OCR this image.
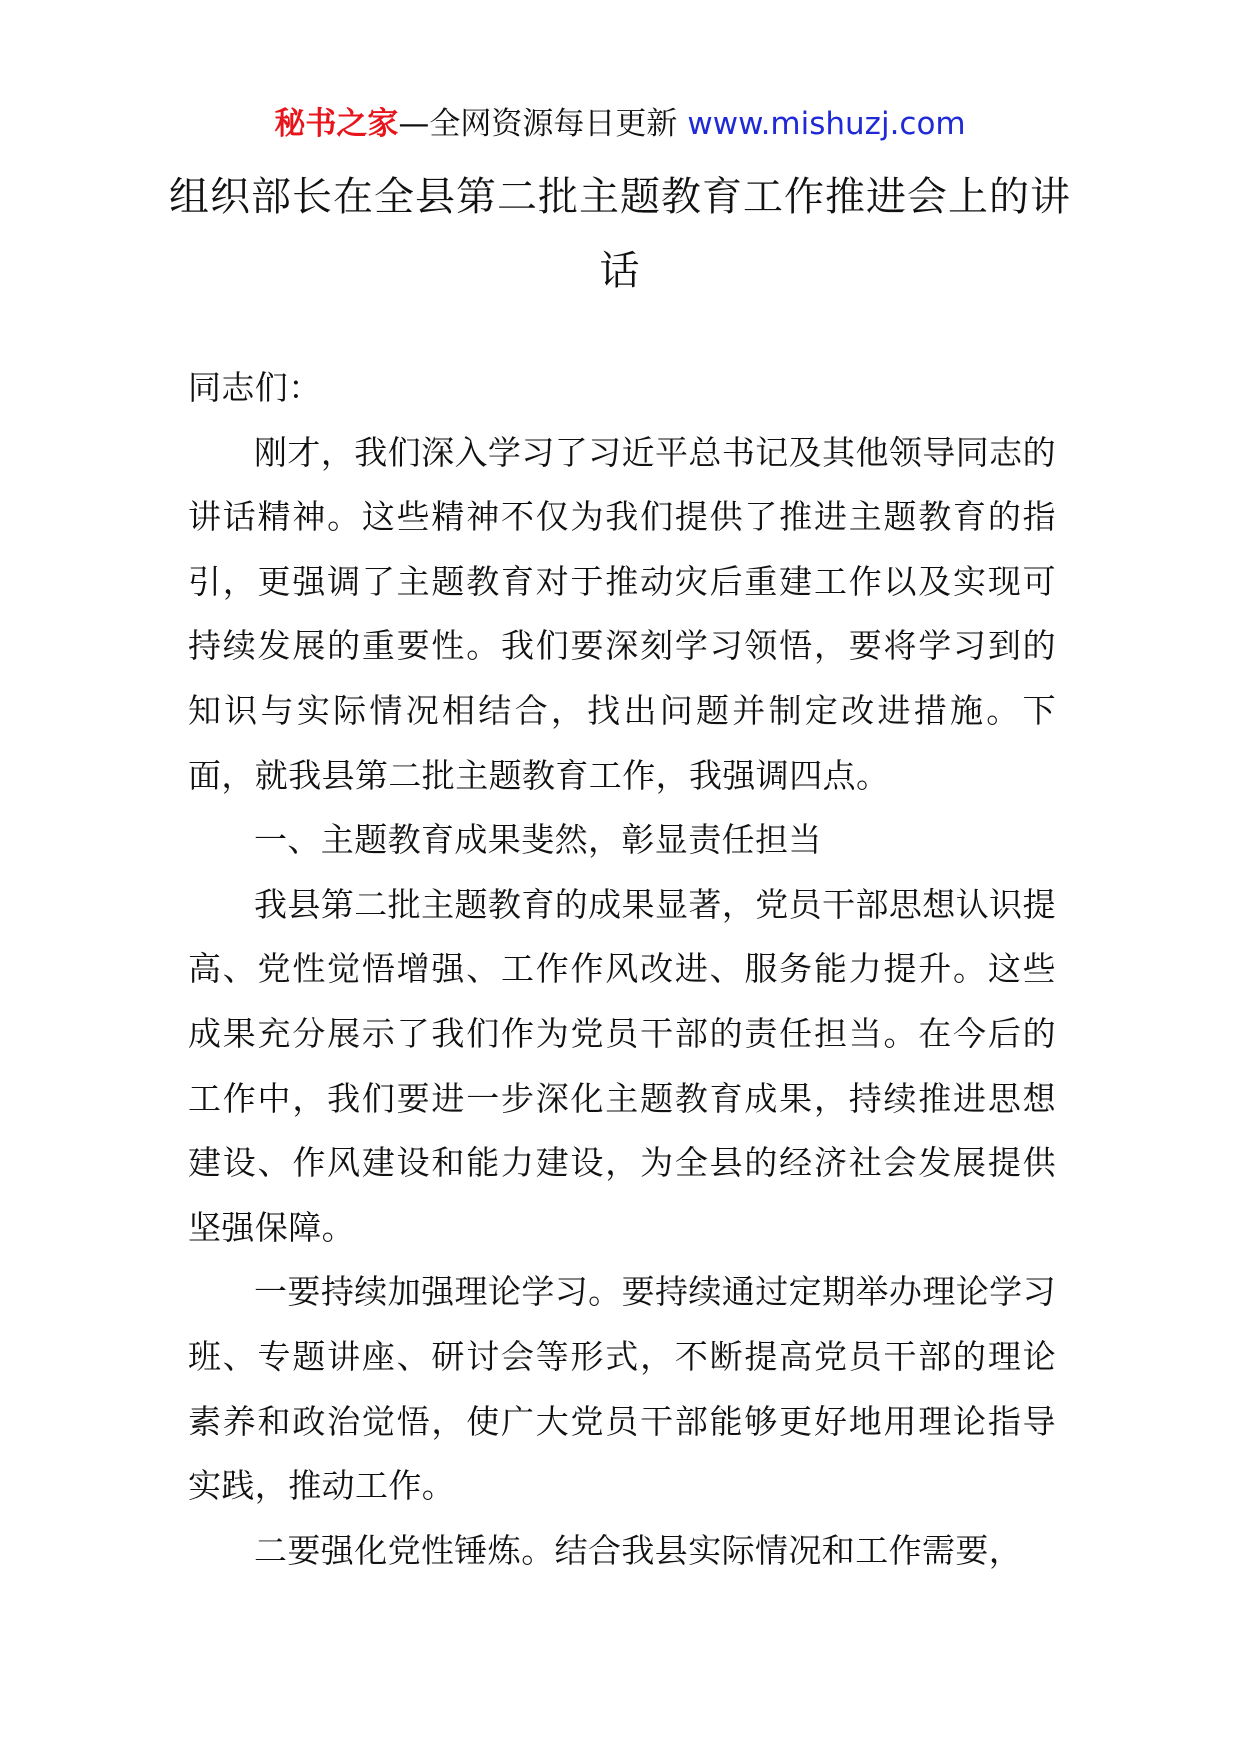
秘书之家—全网资源每日更新 www.mishuzj.com
组织部长在全县第二批主题教育工作推进会上的讲话

同志们：

刚才，我们深入学习了习近平总书记及其他领导同志的讲话精神。这些精神不仅为我们提供了推进主题教育的指引，更强调了主题教育对于推动灾后重建工作以及实现可持续发展的重要性。我们要深刻学习领悟，要将学习到的知识与实际情况相结合，找出问题并制定改进措施。下面，就我县第二批主题教育工作，我强调四点。

一、主题教育成果斐然，彰显责任担当

我县第二批主题教育的成果显著，党员干部思想认识提高、党性觉悟增强、工作作风改进、服务能力提升。这些成果充分展示了我们作为党员干部的责任担当。在今后的工作中，我们要进一步深化主题教育成果，持续推进思想建设、作风建设和能力建设，为全县的经济社会发展提供坚强保障。

一要持续加强理论学习。要持续通过定期举办理论学习班、专题讲座、研讨会等形式，不断提高党员干部的理论素养和政治觉悟，使广大党员干部能够更好地用理论指导实践，推动工作。

二要强化党性锤炼。结合我县实际情况和工作需要，
